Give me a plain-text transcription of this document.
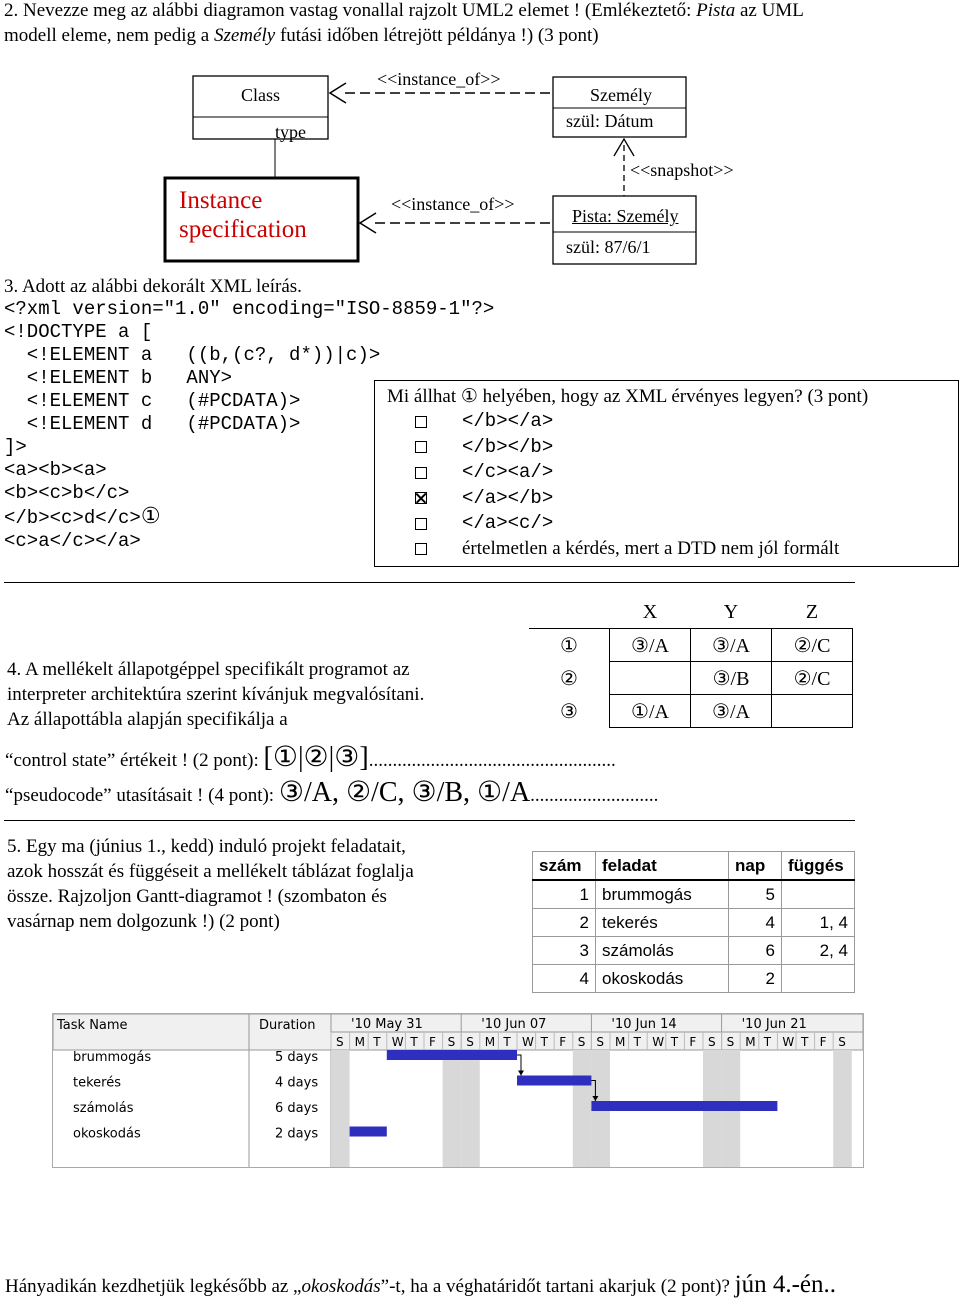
2. Nevezze meg az alábbi diagramon vastag vonallal rajzolt UML2 elemet ! (Emlékeztető: Pista az UML
modell eleme, nem pedig a Személy futási időben létrejött példánya !) (3 pont)
Class
type
<<instance_of>>
<<instance_of>>
Személy
szül: Dátum
<<snapshot>>
Pista: Személy
szül: 87/6/1
Instance
specification
3. Adott az alábbi dekorált XML leírás.
<?xml version="1.0" encoding="ISO-8859-1"?>
<!DOCTYPE a [
<!ELEMENT a   ((b,(c?, d*))|c)>
<!ELEMENT b   ANY>
<!ELEMENT c   (#PCDATA)>
<!ELEMENT d   (#PCDATA)>
]>
<a><b><a>
<b><c>b</c>
</b><c>d</c>①
<c>a</c></a>
Mi állhat ① helyében, hogy az XML érvényes legyen? (3 pont)
</b></a>
</b></b>
</c><a/>
</a></b>
</a><c/>
értelmetlen a kérdés, mert a DTD nem jól formált
	X	Y	Z
①	③/A	③/A	②/C
②		③/B	②/C
③	①/A	③/A	
4. A mellékelt állapotgéppel specifikált programot az
interpreter architektúra szerint kívánjuk megvalósítani.
Az állapottábla alapján specifikálja a
“control state” értékeit ! (2 pont): [①|②|③]....................................................
“pseudocode” utasításait ! (4 pont): ③/A, ②/C, ③/B, ①/A...........................
5. Egy ma (június 1., kedd) induló projekt feladatait,
azok hosszát és függéseit a mellékelt táblázat foglalja
össze. Rajzoljon Gantt-diagramot ! (szombaton és
vasárnap nem dolgozunk !) (2 pont)
szám	feladat	nap	függés
1	brummogás	5	
2	tekerés	4	1, 4
3	számolás	6	2, 4
4	okoskodás	2	
Task Name	Duration	'10 May 31	'10 Jun 07	'10 Jun 14	'10 Jun 21
S M T W T F S S M T W T F S S M T W T F S S M T W T F S
brummogás	5 days
tekerés	4 days
számolás	6 days
okoskodás	2 days
Hányadikán kezdhetjük legkésőbb az „okoskodás”-t, ha a véghatáridőt tartani akarjuk (2 pont)? jún 4.-én..
